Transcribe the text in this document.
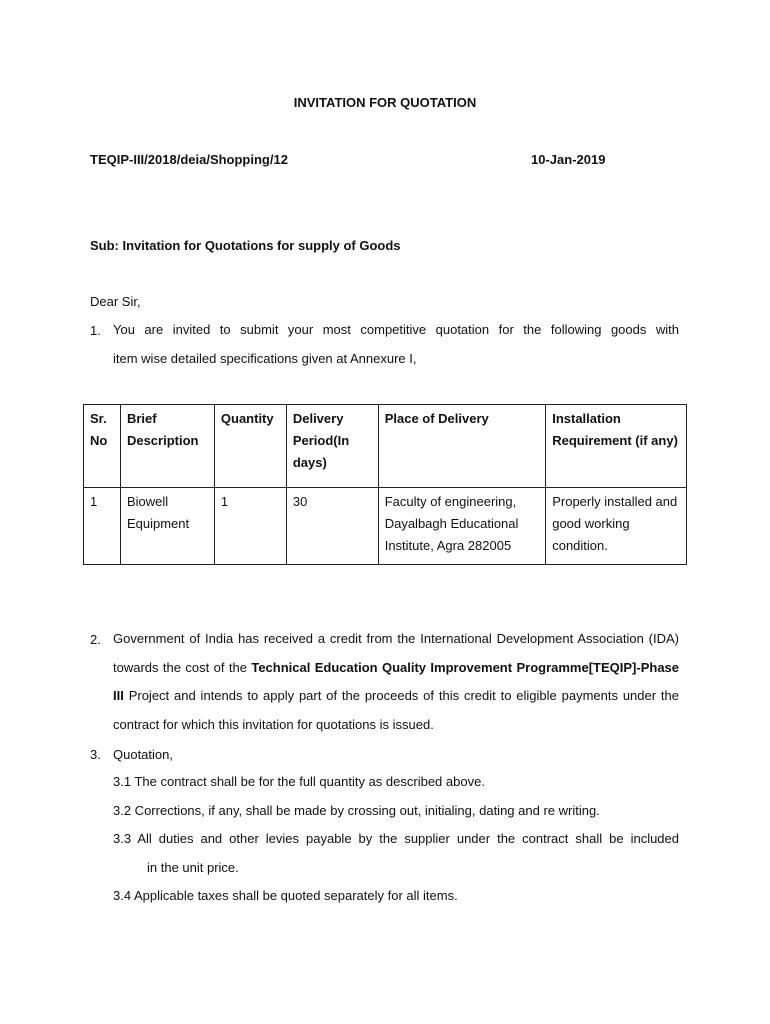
INVITATION FOR QUOTATION
TEQIP-III/2018/deia/Shopping/12	10-Jan-2019
Sub: Invitation for Quotations for supply of Goods
Dear Sir,
1. You are invited to submit your most competitive quotation for the following goods with
item wise detailed specifications given at Annexure I,
Sr. No	Brief Description	Quantity	Delivery Period(In days)	Place of Delivery	Installation Requirement (if any)
1	Biowell Equipment	1	30	Faculty of engineering, Dayalbagh Educational Institute, Agra 282005	Properly installed and good working condition.
2. Government of India has received a credit from the International Development Association (IDA) towards the cost of the Technical Education Quality Improvement Programme[TEQIP]-Phase III Project and intends to apply part of the proceeds of this credit to eligible payments under the contract for which this invitation for quotations is issued.
3. Quotation,
3.1 The contract shall be for the full quantity as described above.
3.2 Corrections, if any, shall be made by crossing out, initialing, dating and re writing.
3.3 All duties and other levies payable by the supplier under the contract shall be included
in the unit price.
3.4 Applicable taxes shall be quoted separately for all items.
